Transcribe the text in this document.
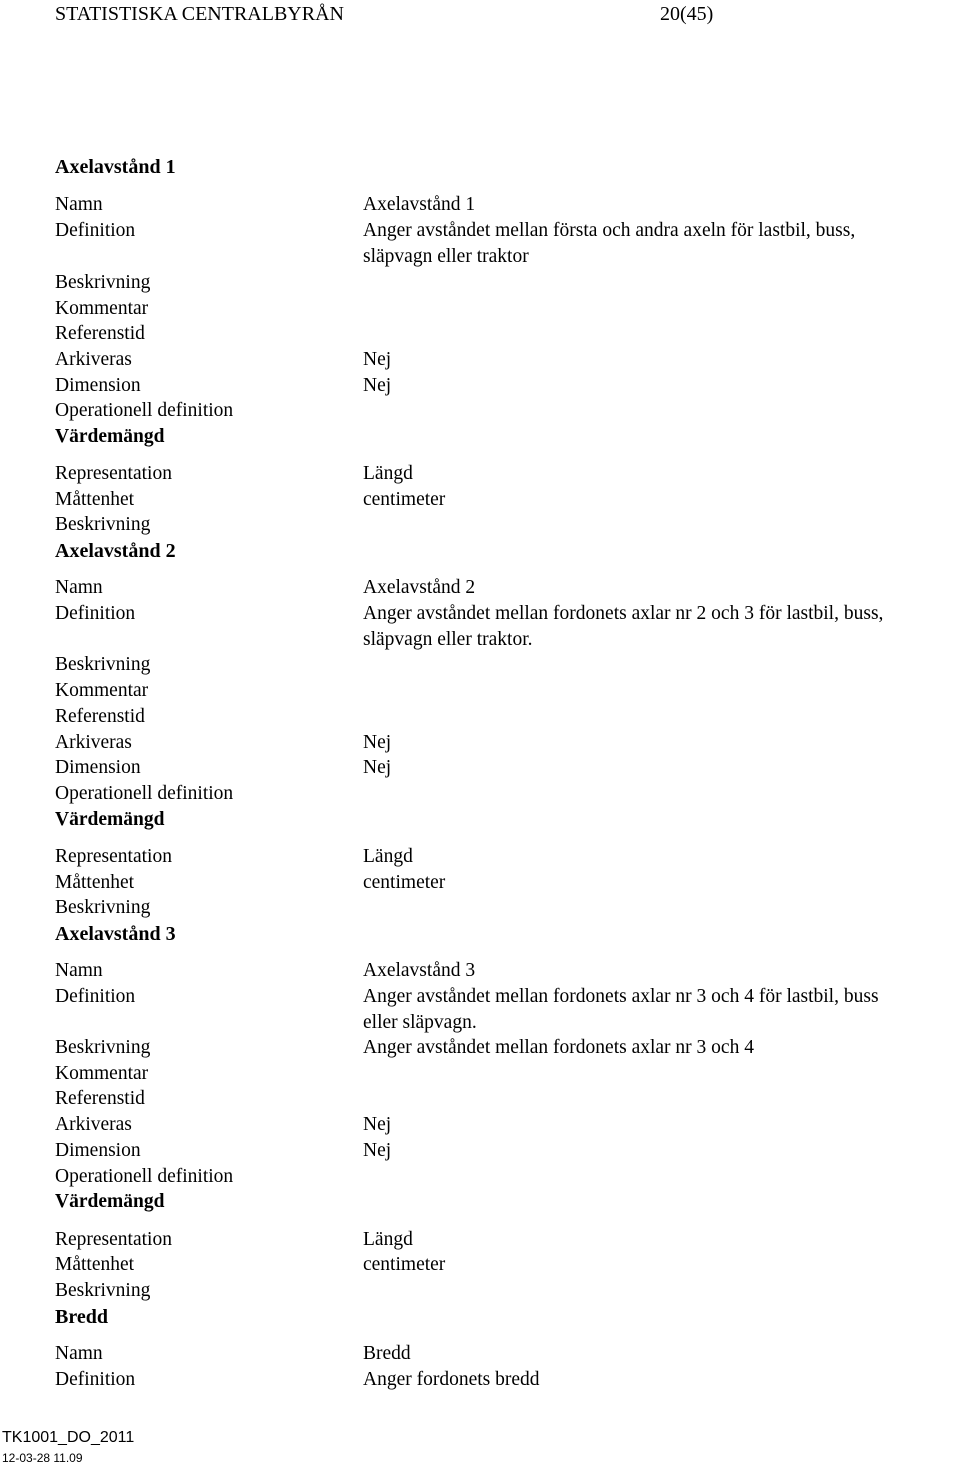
STATISTISKA CENTRALBYRÅN	20(45)
Axelavstånd 1
Namn	Axelavstånd 1
Definition	Anger avståndet mellan första och andra axeln för lastbil, buss,
släpvagn eller traktor
Beskrivning
Kommentar
Referenstid
Arkiveras	Nej
Dimension	Nej
Operationell definition
Värdemängd
Representation	Längd
Måttenhet	centimeter
Beskrivning
Axelavstånd 2
Namn	Axelavstånd 2
Definition	Anger avståndet mellan fordonets axlar nr 2 och 3 för lastbil, buss,
släpvagn eller traktor.
Beskrivning
Kommentar
Referenstid
Arkiveras	Nej
Dimension	Nej
Operationell definition
Värdemängd
Representation	Längd
Måttenhet	centimeter
Beskrivning
Axelavstånd 3
Namn	Axelavstånd 3
Definition	Anger avståndet mellan fordonets axlar nr 3 och 4 för lastbil, buss
eller släpvagn.
Beskrivning	Anger avståndet mellan fordonets axlar nr 3 och 4
Kommentar
Referenstid
Arkiveras	Nej
Dimension	Nej
Operationell definition
Värdemängd
Representation	Längd
Måttenhet	centimeter
Beskrivning
Bredd
Namn	Bredd
Definition	Anger fordonets bredd
TK1001_DO_2011
12-03-28 11.09
